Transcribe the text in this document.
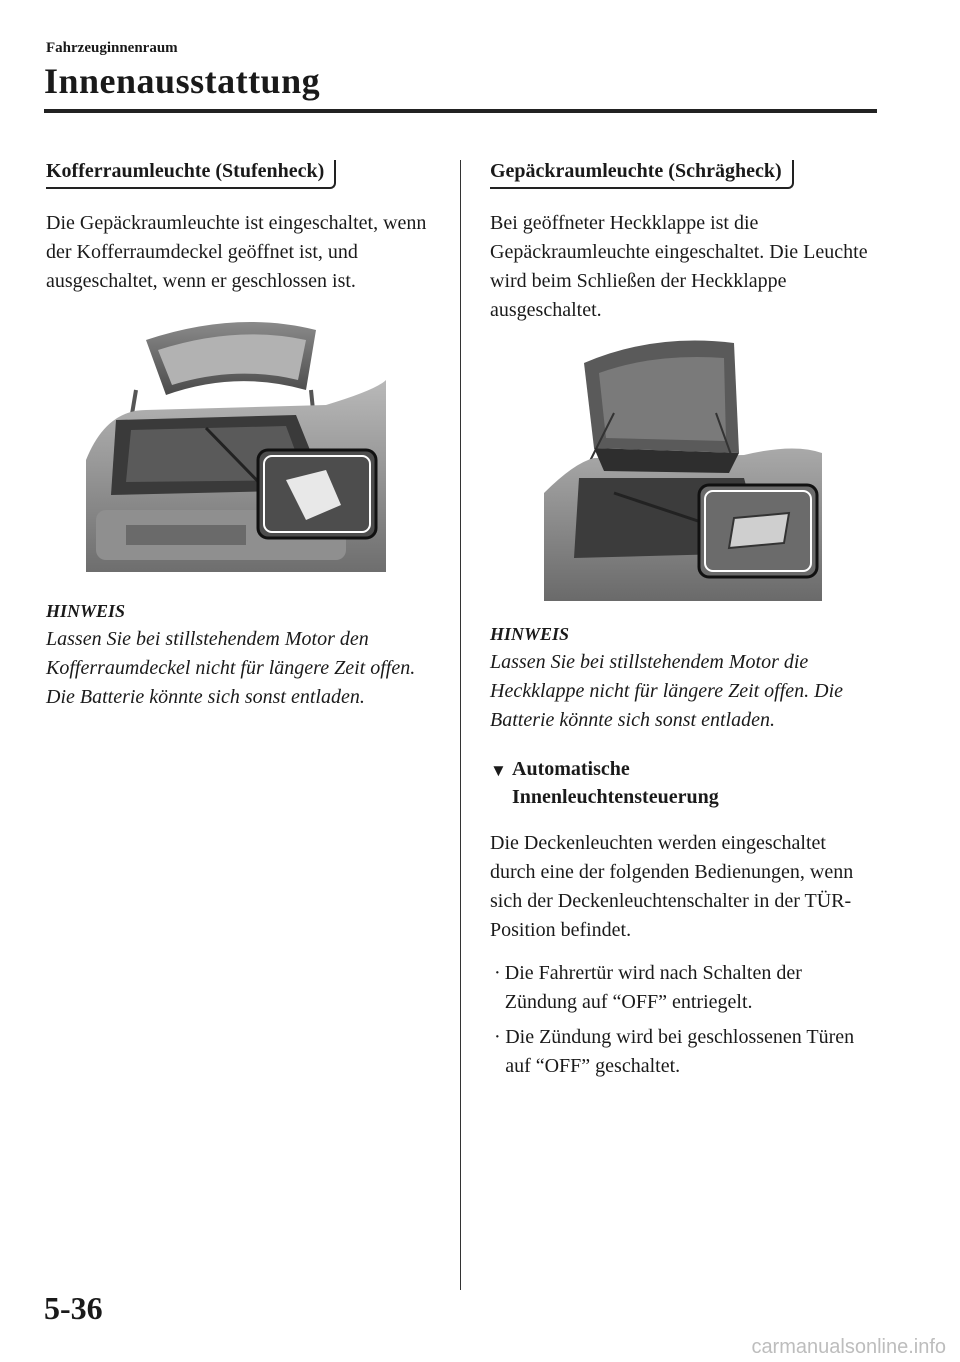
Fahrzeuginnenraum
Innenausstattung
Kofferraumleuchte (Stufenheck)

Die Gepäckraumleuchte ist eingeschaltet, wenn der Kofferraumdeckel geöffnet ist, und ausgeschaltet, wenn er geschlossen ist.

HINWEIS

Lassen Sie bei stillstehendem Motor den Kofferraumdeckel nicht für längere Zeit offen. Die Batterie könnte sich sonst entladen.

Gepäckraumleuchte (Schrägheck)

Bei geöffneter Heckklappe ist die Gepäckraumleuchte eingeschaltet. Die Leuchte wird beim Schließen der Heckklappe ausgeschaltet.

HINWEIS

Lassen Sie bei stillstehendem Motor die Heckklappe nicht für längere Zeit offen. Die Batterie könnte sich sonst entladen.

▼ Automatische
Innenleuchtensteuerung

Die Deckenleuchten werden eingeschaltet durch eine der folgenden Bedienungen, wenn sich der Deckenleuchtenschalter in der TÜR-Position befindet.

· Die Fahrertür wird nach Schalten der Zündung auf “OFF” entriegelt.
· Die Zündung wird bei geschlossenen Türen auf “OFF” geschaltet.
5-36
carmanualsonline.info
